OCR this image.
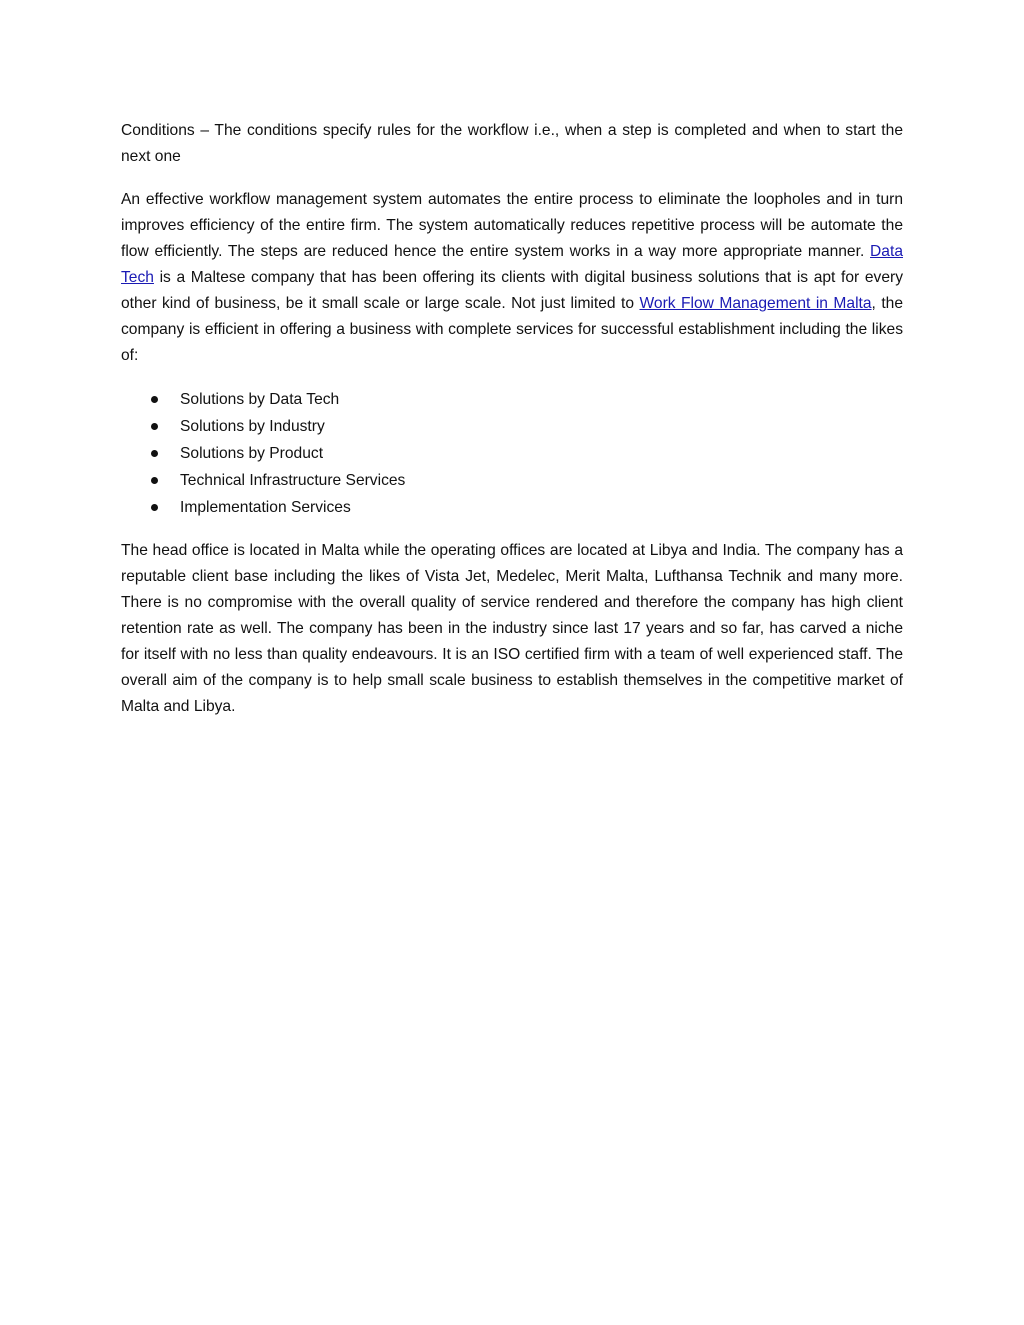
Conditions – The conditions specify rules for the workflow i.e., when a step is completed and when to start the next one

An effective workflow management system automates the entire process to eliminate the loopholes and in turn improves efficiency of the entire firm. The system automatically reduces repetitive process will be automate the flow efficiently. The steps are reduced hence the entire system works in a way more appropriate manner. Data Tech is a Maltese company that has been offering its clients with digital business solutions that is apt for every other kind of business, be it small scale or large scale. Not just limited to Work Flow Management in Malta, the company is efficient in offering a business with complete services for successful establishment including the likes of:

Solutions by Data Tech
Solutions by Industry
Solutions by Product
Technical Infrastructure Services
Implementation Services

The head office is located in Malta while the operating offices are located at Libya and India. The company has a reputable client base including the likes of Vista Jet, Medelec, Merit Malta, Lufthansa Technik and many more. There is no compromise with the overall quality of service rendered and therefore the company has high client retention rate as well. The company has been in the industry since last 17 years and so far, has carved a niche for itself with no less than quality endeavours. It is an ISO certified firm with a team of well experienced staff. The overall aim of the company is to help small scale business to establish themselves in the competitive market of Malta and Libya.
